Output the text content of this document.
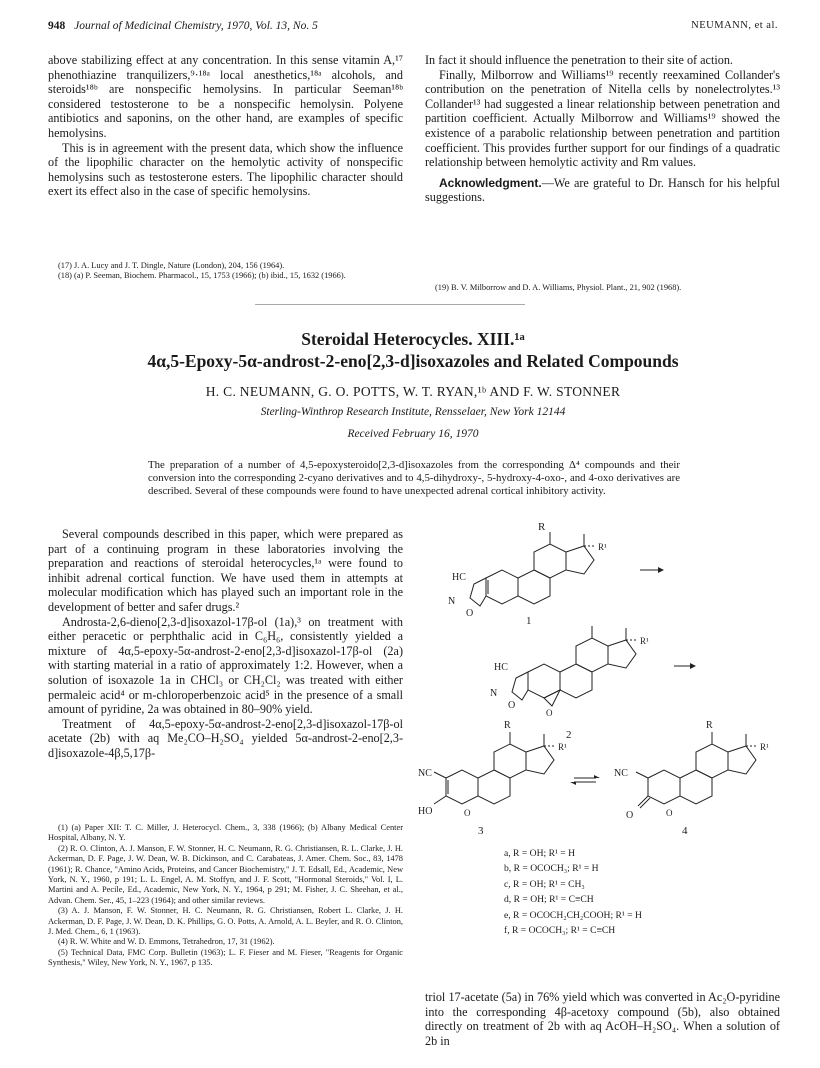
948 Journal of Medicinal Chemistry, 1970, Vol. 13, No. 5	NEUMANN, et al.

above stabilizing effect at any concentration. In this sense vitamin A,¹⁷ phenothiazine tranquilizers,⁹·¹⁸ᵃ local anesthetics,¹⁸ᵃ alcohols, and steroids¹⁸ᵇ are nonspecific hemolysins. In particular Seeman¹⁸ᵇ considered testosterone to be a nonspecific hemolysin. Polyene antibiotics and saponins, on the other hand, are examples of specific hemolysins.

This is in agreement with the present data, which show the influence of the lipophilic character on the hemolytic activity of nonspecific hemolysins such as testosterone esters. The lipophilic character should exert its effect also in the case of specific hemolysins.

(17) J. A. Lucy and J. T. Dingle, Nature (London), 204, 156 (1964).

(18) (a) P. Seeman, Biochem. Pharmacol., 15, 1753 (1966); (b) ibid., 15, 1632 (1966).

In fact it should influence the penetration to their site of action.

Finally, Milborrow and Williams¹⁹ recently reexamined Collander's contribution on the penetration of Nitella cells by nonelectrolytes.¹³ Collander¹³ had suggested a linear relationship between penetration and partition coefficient. Actually Milborrow and Williams¹⁹ showed the existence of a parabolic relationship between penetration and partition coefficient. This provides further support for our findings of a quadratic relationship between hemolytic activity and Rm values.

Acknowledgment.—We are grateful to Dr. Hansch for his helpful suggestions.

(19) B. V. Milborrow and D. A. Williams, Physiol. Plant., 21, 902 (1968).

Steroidal Heterocycles. XIII.¹ᵃ
4α,5-Epoxy-5α-androst-2-eno[2,3-d]isoxazoles and Related Compounds
H. C. NEUMANN, G. O. POTTS, W. T. RYAN,¹ᵇ AND F. W. STONNER
Sterling-Winthrop Research Institute, Rensselaer, New York 12144
Received February 16, 1970
The preparation of a number of 4,5-epoxysteroido[2,3-d]isoxazoles from the corresponding Δ⁴ compounds and their conversion into the corresponding 2-cyano derivatives and to 4,5-dihydroxy-, 5-hydroxy-4-oxo-, and 4-oxo derivatives are described. Several of these compounds were found to have unexpected adrenal cortical inhibitory activity.

Several compounds described in this paper, which were prepared as part of a continuing program in these laboratories involving the preparation and reactions of steroidal heterocycles,¹ᵃ were found to inhibit adrenal cortical function. We have used them in attempts at molecular modification which has played such an important role in the development of better and safer drugs.²

Androsta-2,6-dieno[2,3-d]isoxazol-17β-ol (1a),³ on treatment with either peracetic or perphthalic acid in C₆H₆, consistently yielded a mixture of 4α,5-epoxy-5α-androst-2-eno[2,3-d]isoxazol-17β-ol (2a) with starting material in a ratio of approximately 1:2. However, when a solution of isoxazole 1a in CHCl₃ or CH₂Cl₂ was treated with either permaleic acid⁴ or m-chloroperbenzoic acid⁵ in the presence of a small amount of pyridine, 2a was obtained in 80–90% yield.

Treatment of 4α,5-epoxy-5α-androst-2-eno[2,3-d]isoxazol-17β-ol acetate (2b) with aq Me₂CO–H₂SO₄ yielded 5α-androst-2-eno[2,3-d]isoxazole-4β,5,17β-

(1) (a) Paper XII: T. C. Miller, J. Heterocycl. Chem., 3, 338 (1966); (b) Albany Medical Center Hospital, Albany, N. Y.

(2) R. O. Clinton, A. J. Manson, F. W. Stonner, H. C. Neumann, R. G. Christiansen, R. L. Clarke, J. H. Ackerman, D. F. Page, J. W. Dean, W. B. Dickinson, and C. Carabateas, J. Amer. Chem. Soc., 83, 1478 (1961); R. Chance, "Amino Acids, Proteins, and Cancer Biochemistry," J. T. Edsall, Ed., Academic, New York, N. Y., 1960, p 191; L. L. Engel, A. M. Stoffyn, and J. F. Scott, "Hormonal Steroids," Vol. I, L. Martini and A. Pecile, Ed., Academic, New York, N. Y., 1964, p 291; M. Fisher, J. C. Sheehan, et al., Advan. Chem. Ser., 45, 1–223 (1964); and other similar reviews.

(3) A. J. Manson, F. W. Stonner, H. C. Neumann, R. G. Christiansen, Robert L. Clarke, J. H. Ackerman, D. F. Page, J. W. Dean, D. K. Phillips, G. O. Potts, A. Arnold, A. L. Beyler, and R. O. Clinton, J. Med. Chem., 6, 1 (1963).

(4) R. W. White and W. D. Emmons, Tetrahedron, 17, 31 (1962).

(5) Technical Data, FMC Corp. Bulletin (1963); L. F. Fieser and M. Fieser, "Reagents for Organic Synthesis," Wiley, New York, N. Y., 1967, p 135.

triol 17-acetate (5a) in 76% yield which was converted in Ac₂O-pyridine into the corresponding 4β-acetoxy compound (5b), also obtained directly on treatment of 2b with aq AcOH–H₂SO₄. When a solution of 2b in

R
R¹
HC
N
O
1
HC
N
O
O
R¹
2
R
R¹
NC
HO	O
3
R
R¹
NC
O	O
4
a, R = OH; R¹ = H
b, R = OCOCH₃; R¹ = H
c, R = OH; R¹ = CH₃
d, R = OH; R¹ = C≡CH
e, R = OCOCH₂CH₂COOH; R¹ = H
f, R = OCOCH₃; R¹ = C≡CH
